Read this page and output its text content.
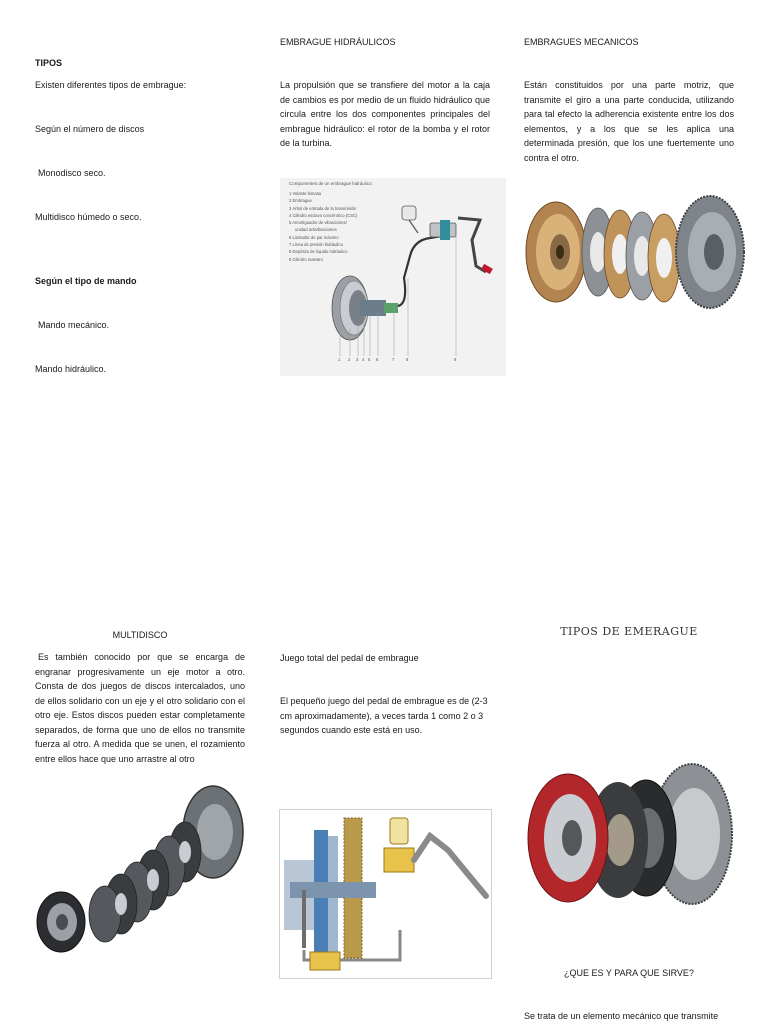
TIPOS
Existen diferentes tipos de embrague:
Según el número de discos
Monodisco seco.
Multidisco húmedo o seco.
Según el tipo de mando
Mando mecánico.
Mando hidráulico.
EMBRAGUE HIDRÁULICOS
La propulsión que se transfiere del motor a la caja de cambios es por medio de un fluido hidráulico que circula entre los dos componentes principales del embrague hidráulico: el rotor de la bomba y el rotor de la turbina.
Componentes de un embrague hidráulico:
1 Volante bimasa
2 Embrague
3 Árbol de entrada de la transmisión
4 Cilindro esclavo concéntrico (CSC)
5 Amortiguador de vibraciones/
unidad antivibraciones
6 Limitador de par máximo
7 Línea de presión hidráulica
8 Depósito de líquido hidráulico
9 Cilindro maestro
1 2 3 4 5 6	7	8	9
EMBRAGUES MECANICOS
Están constituidos por una parte motriz, que transmite el giro a una parte conducida, utilizando para tal efecto la adherencia existente entre los dos elementos, y a los que se les aplica una determinada presión, que los une fuertemente uno contra el otro.
MULTIDISCO
Es también conocido por que se encarga de engranar progresivamente un eje motor a otro. Consta de dos juegos de discos intercalados, uno de ellos solidario con un eje y el otro solidario con el otro eje. Estos discos pueden estar completamente separados, de forma que uno de ellos no transmite fuerza al otro. A medida que se unen, el rozamiento entre ellos hace que uno arrastre al otro
Juego total del pedal de embrague
El pequeño juego del pedal de embrague es de (2-3 cm aproximadamente), a veces tarda 1 como 2 o 3 segundos cuando este está en uso.
TIPOS DE EMERAGUE
¿QUE ES Y PARA QUE SIRVE?
Se trata de un elemento mecánico que transmite
